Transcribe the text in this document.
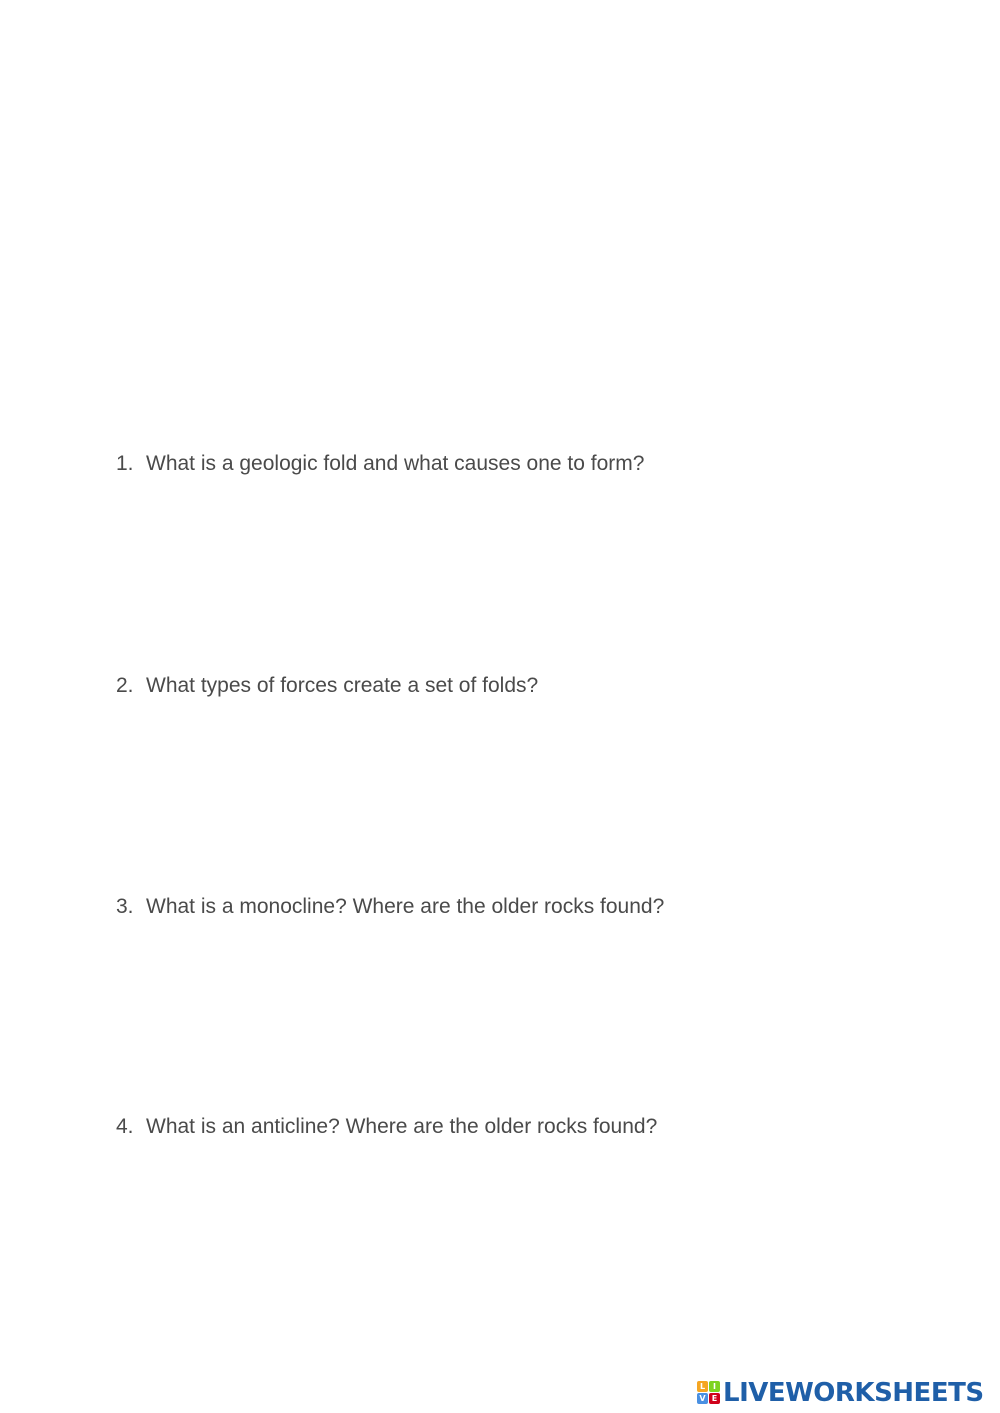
1. What is a geologic fold and what causes one to form?
2. What types of forces create a set of folds?
3. What is a monocline? Where are the older rocks found?
4. What is an anticline? Where are the older rocks found?
L I
V E LIVEWORKSHEETS
